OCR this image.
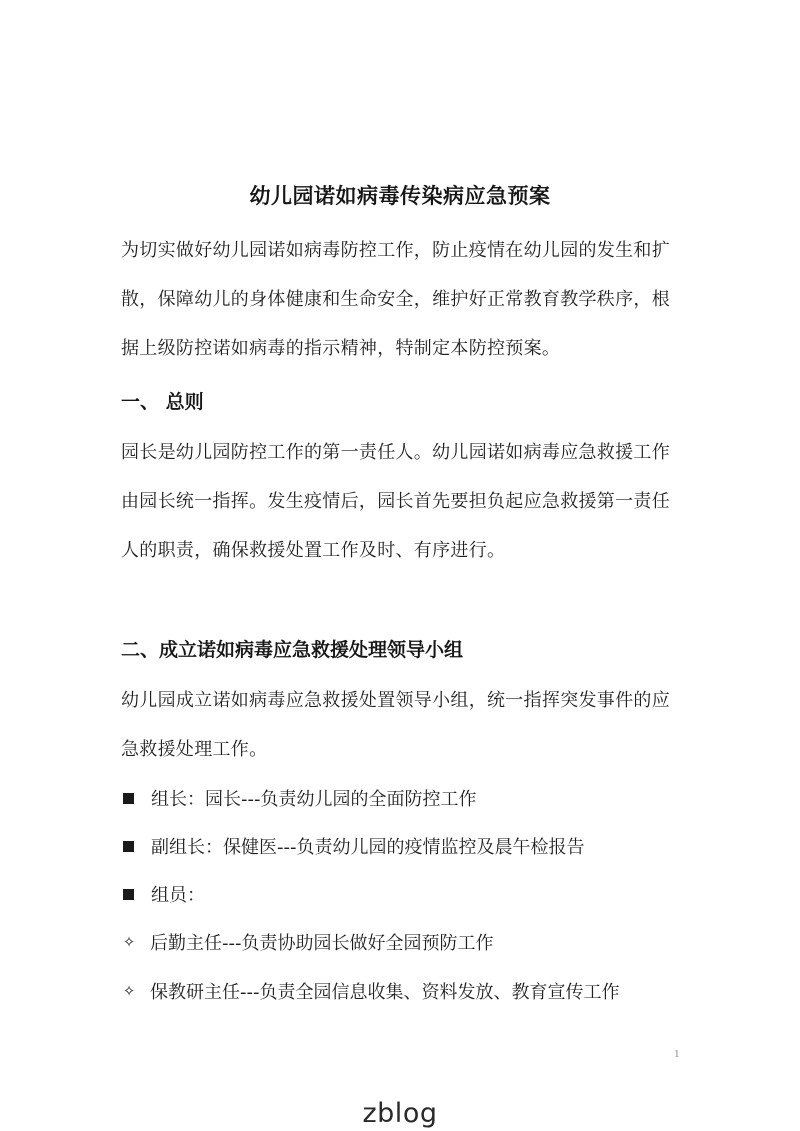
幼儿园诺如病毒传染病应急预案
为切实做好幼儿园诺如病毒防控工作，防止疫情在幼儿园的发生和扩
散，保障幼儿的身体健康和生命安全，维护好正常教育教学秩序，根
据上级防控诺如病毒的指示精神，特制定本防控预案。
一、 总则
园长是幼儿园防控工作的第一责任人。幼儿园诺如病毒应急救援工作
由园长统一指挥。发生疫情后，园长首先要担负起应急救援第一责任
人的职责，确保救援处置工作及时、有序进行。
二、成立诺如病毒应急救援处理领导小组
幼儿园成立诺如病毒应急救援处置领导小组，统一指挥突发事件的应
急救援处理工作。
组长：园长---负责幼儿园的全面防控工作
副组长：保健医---负责幼儿园的疫情监控及晨午检报告
组员：
✧ 后勤主任---负责协助园长做好全园预防工作
✧ 保教研主任---负责全园信息收集、资料发放、教育宣传工作
1
zblog
